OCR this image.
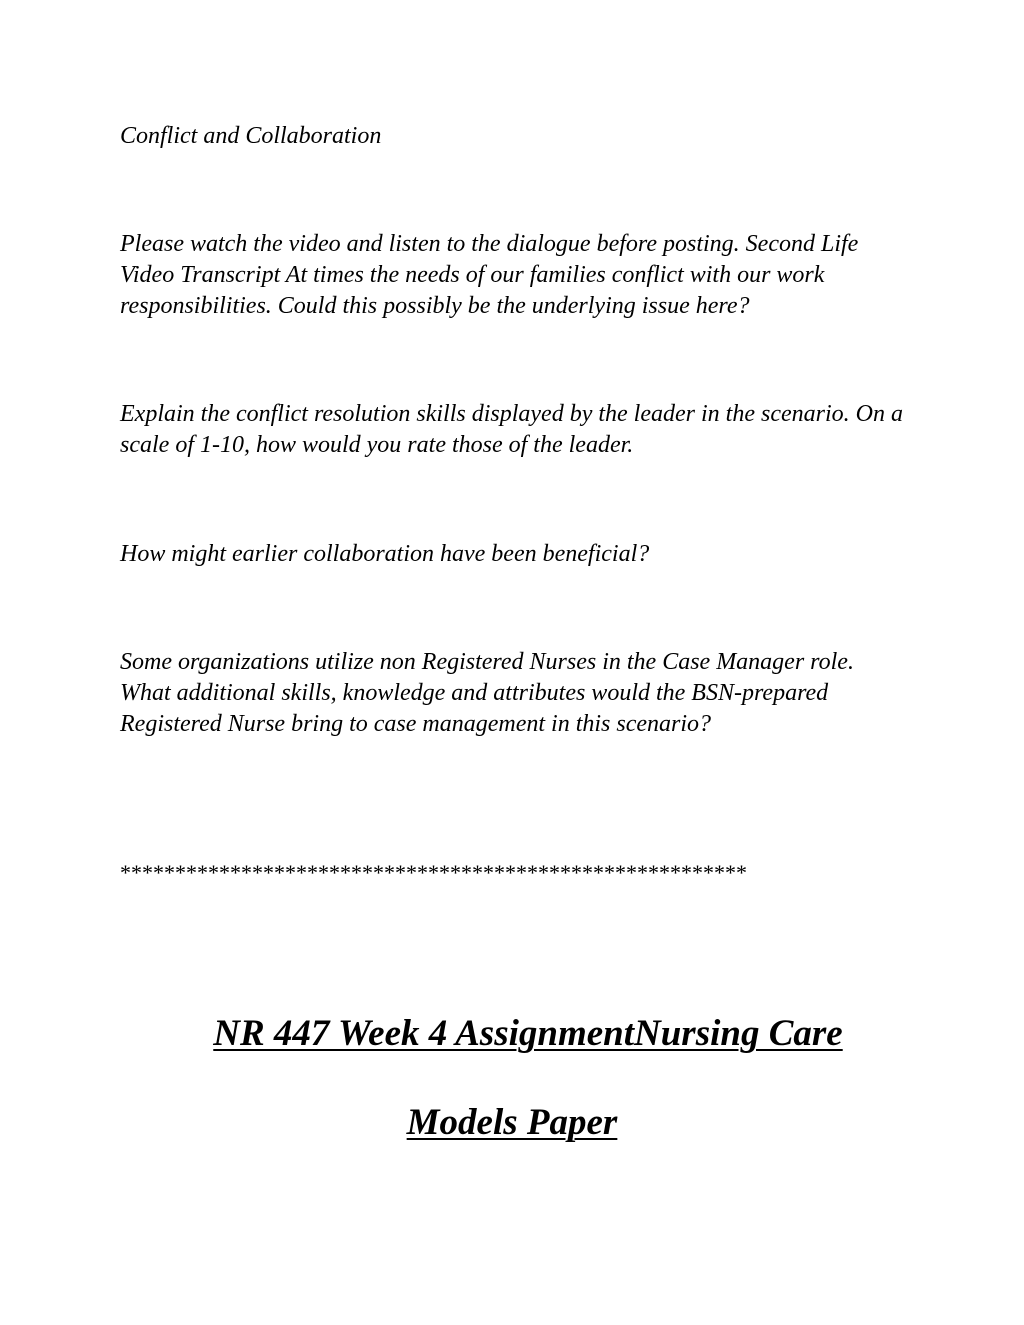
Conflict and Collaboration

Please watch the video and listen to the dialogue before posting. Second Life Video Transcript At times the needs of our families conflict with our work responsibilities. Could this possibly be the underlying issue here?

Explain the conflict resolution skills displayed by the leader in the scenario. On a scale of 1-10, how would you rate those of the leader.

How might earlier collaboration have been beneficial?

Some organizations utilize non Registered Nurses in the Case Manager role. What additional skills, knowledge and attributes would the BSN-prepared Registered Nurse bring to case management in this scenario?

*********************************************************

NR 447 Week 4 AssignmentNursing Care

Models Paper
